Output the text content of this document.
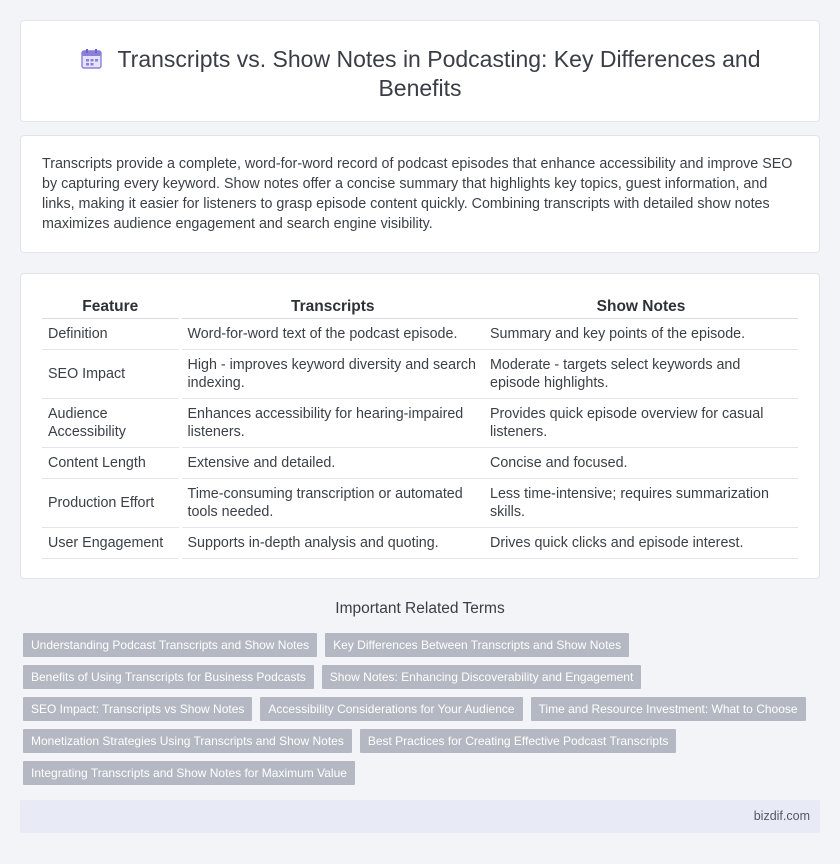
Transcripts vs. Show Notes in Podcasting: Key Differences and Benefits

Transcripts provide a complete, word-for-word record of podcast episodes that enhance accessibility and improve SEO by capturing every keyword. Show notes offer a concise summary that highlights key topics, guest information, and links, making it easier for listeners to grasp episode content quickly. Combining transcripts with detailed show notes maximizes audience engagement and search engine visibility.

Feature	Transcripts	Show Notes
Definition	Word-for-word text of the podcast episode.	Summary and key points of the episode.
SEO Impact	High - improves keyword diversity and search indexing.	Moderate - targets select keywords and episode highlights.
Audience Accessibility	Enhances accessibility for hearing-impaired listeners.	Provides quick episode overview for casual listeners.
Content Length	Extensive and detailed.	Concise and focused.
Production Effort	Time-consuming transcription or automated tools needed.	Less time-intensive; requires summarization skills.
User Engagement	Supports in-depth analysis and quoting.	Drives quick clicks and episode interest.
Important Related Terms
Understanding Podcast Transcripts and Show Notes	Key Differences Between Transcripts and Show Notes
Benefits of Using Transcripts for Business Podcasts	Show Notes: Enhancing Discoverability and Engagement
SEO Impact: Transcripts vs Show Notes	Accessibility Considerations for Your Audience	Time and Resource Investment: What to Choose
Monetization Strategies Using Transcripts and Show Notes	Best Practices for Creating Effective Podcast Transcripts
Integrating Transcripts and Show Notes for Maximum Value
bizdif.com
